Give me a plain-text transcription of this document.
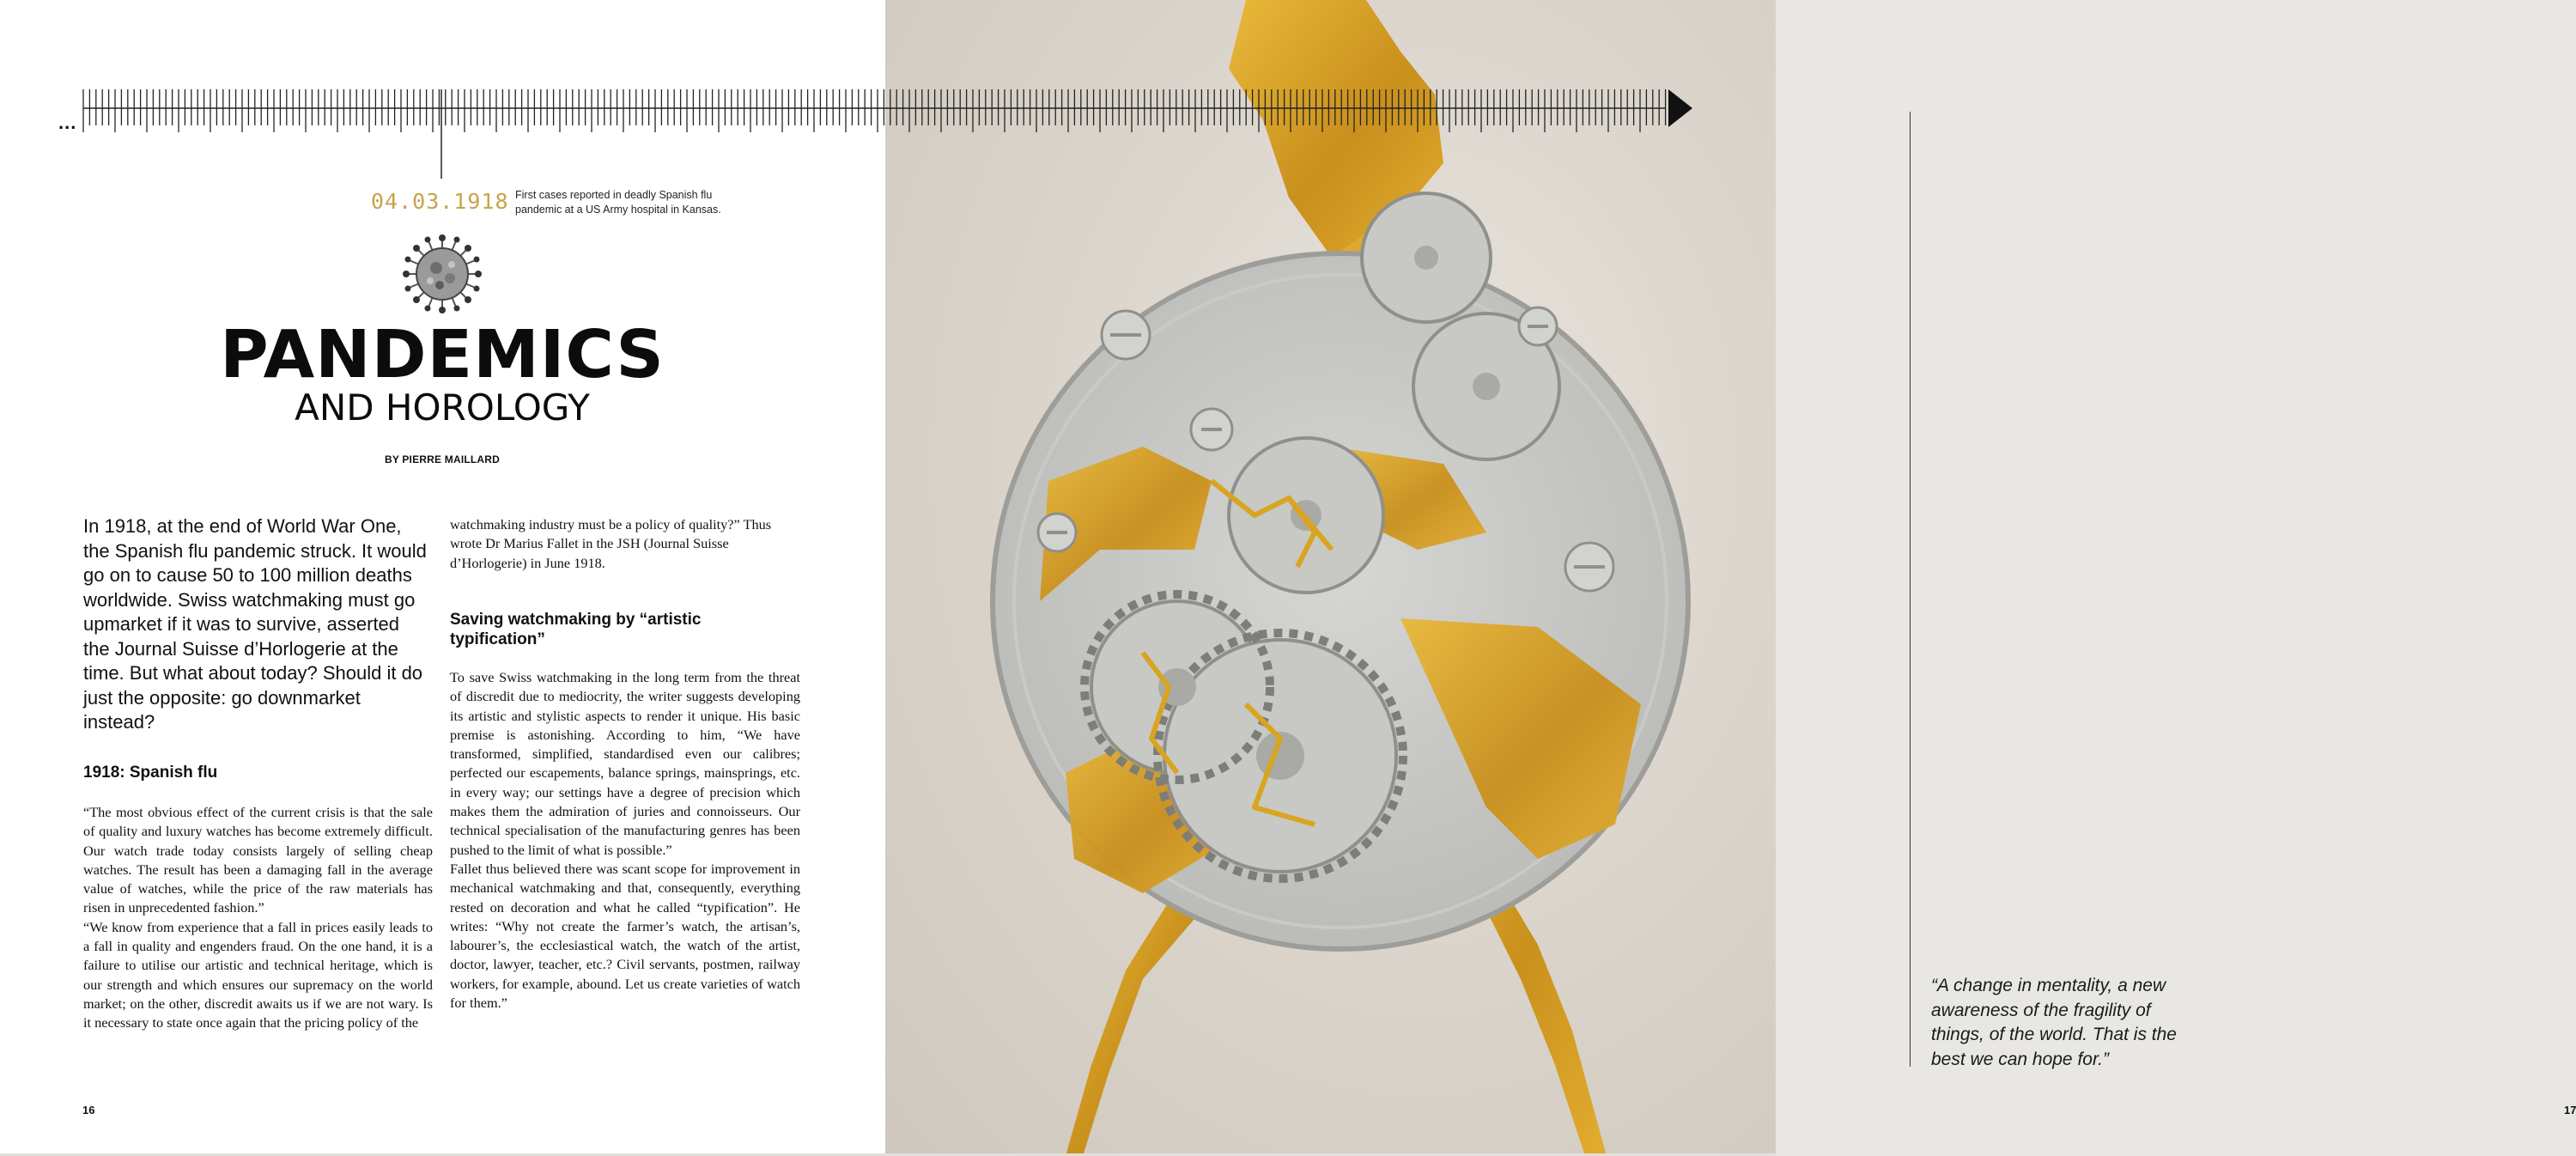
04.03.1918 First cases reported in deadly Spanish flu pandemic at a US Army hospital in Kansas.
PANDEMICS
AND HOROLOGY
BY PIERRE MAILLARD
In 1918, at the end of World War One, the Spanish flu pandemic struck. It would go on to cause 50 to 100 million deaths worldwide. Swiss watchmaking must go upmarket if it was to survive, asserted the Journal Suisse d’Horlogerie at the time. But what about today? Should it do just the opposite: go downmarket instead?
1918: Spanish flu

“The most obvious effect of the current crisis is that the sale of quality and luxury watches has become extremely difficult. Our watch trade today consists largely of selling cheap watches. The result has been a damaging fall in the average value of watches, while the price of the raw materials has risen in unprecedented fashion.”

“We know from experience that a fall in prices easily leads to a fall in quality and engenders fraud. On the one hand, it is a failure to utilise our artistic and technical heritage, which is our strength and which ensures our supremacy on the world market; on the other, discredit awaits us if we are not wary. Is it necessary to state once again that the pricing policy of the

watchmaking industry must be a policy of quality?” Thus wrote Dr Marius Fallet in the JSH (Journal Suisse d’Horlogerie) in June 1918.
Saving watchmaking by “artistic typification”

To save Swiss watchmaking in the long term from the threat of discredit due to mediocrity, the writer suggests developing its artistic and stylistic aspects to render it unique. His basic premise is astonishing. According to him, “We have transformed, simplified, standardised even our calibres; perfected our escapements, balance springs, mainsprings, etc. in every way; our settings have a degree of precision which makes them the admiration of juries and connoisseurs. Our technical specialisation of the manufacturing genres has been pushed to the limit of what is possible.”

Fallet thus believed there was scant scope for improvement in mechanical watchmaking and that, consequently, everything rested on decoration and what he called “typification”. He writes: “Why not create the farmer’s watch, the artisan’s, labourer’s, the ecclesiastical watch, the watch of the artist, doctor, lawyer, teacher, etc.? Civil servants, postmen, railway workers, for example, abound. Let us create varieties of watch for them.”

16
“A change in mentality, a new awareness of the fragility of things, of the world. That is the best we can hope for.”
17
...
